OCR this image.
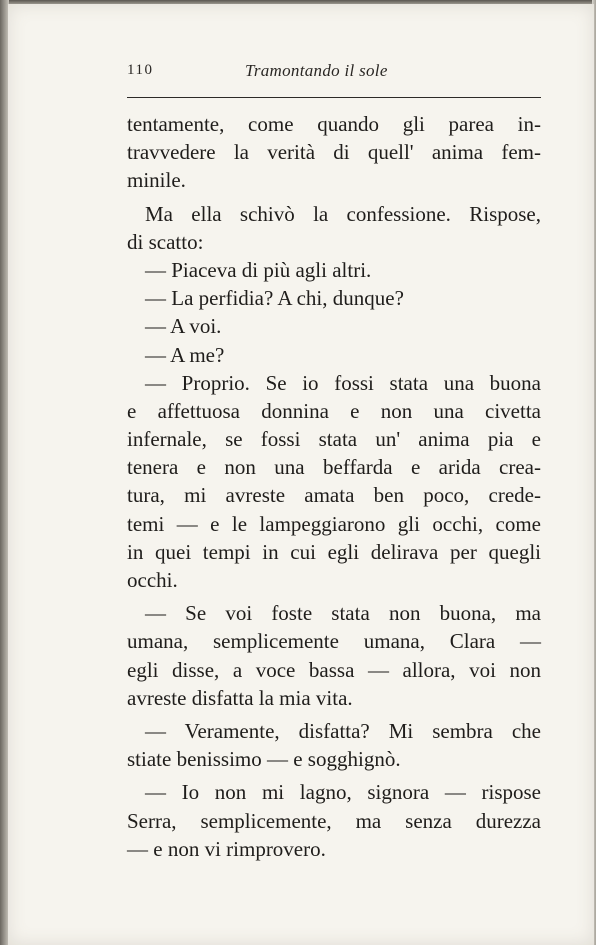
110	Tramontando il sole
tentamente, come quando gli parea in-
travvedere la verità di quell' anima fem-
minile.
Ma ella schivò la confessione. Rispose,
di scatto:
— Piaceva di più agli altri.
— La perfidia? A chi, dunque?
— A voi.
— A me?
— Proprio. Se io fossi stata una buona
e affettuosa donnina e non una civetta
infernale, se fossi stata un' anima pia e
tenera e non una beffarda e arida crea-
tura, mi avreste amata ben poco, crede-
temi — e le lampeggiarono gli occhi, come
in quei tempi in cui egli delirava per quegli
occhi.
— Se voi foste stata non buona, ma
umana, semplicemente umana, Clara —
egli disse, a voce bassa — allora, voi non
avreste disfatta la mia vita.
— Veramente, disfatta? Mi sembra che
stiate benissimo — e sogghignò.
— Io non mi lagno, signora — rispose
Serra, semplicemente, ma senza durezza
— e non vi rimprovero.
